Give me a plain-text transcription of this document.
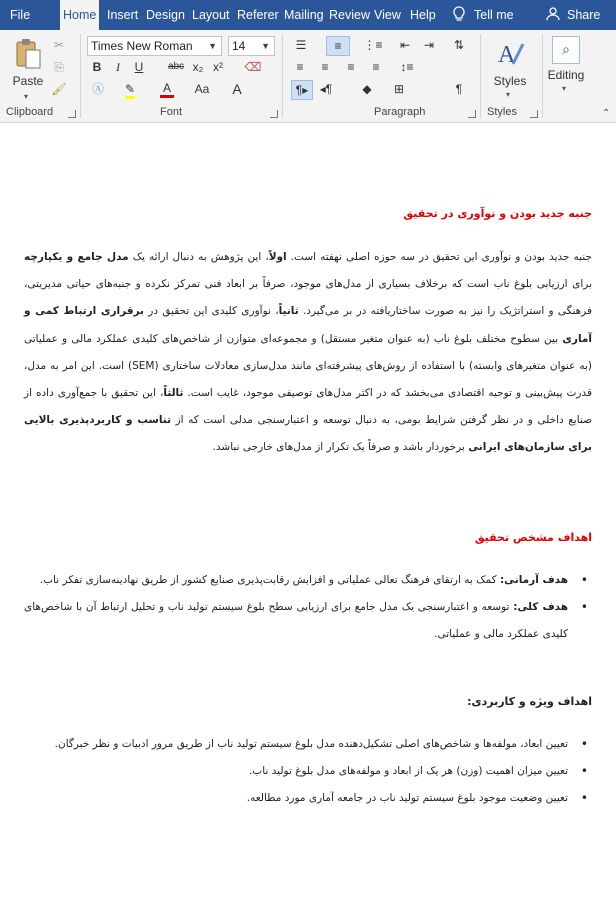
File	Home Insert Design Layout Referer Mailing Review View Help	Tell me	Share
Paste
▾
✂
⎘
🖌
Clipboard
Times New Roman ▼	14 ▼
B	I	U abc x₂ x² ⌫
Ⓐ	✎	A Aa A
Font
☰	≡	⋮≡	⇤	⇥
≡	≡	≡	≡	↕≡
¶▸ ◂¶	◆	⊞	¶
⇅
Paragraph
A
Styles
▾
Styles
⌕
Editing
▾
⌃
جنبه جدید بودن و نوآوری در تحقیق
جنبه جدید بودن و نوآوری این تحقیق در سه حوزه اصلی نهفته است. اولاً، این پژوهش به دنبال ارائه یک مدل جامع و یکپارچه برای ارزیابی بلوغ ناب است که برخلاف بسیاری از مدل‌های موجود، صرفاً بر ابعاد فنی تمرکز نکرده و جنبه‌های حیاتی مدیریتی، فرهنگی و استراتژیک را نیز به صورت ساختاریافته در بر می‌گیرد. ثانیاً، نوآوری کلیدی این تحقیق در برقراری ارتباط کمی و آماری بین سطوح مختلف بلوغ ناب (به عنوان متغیر مستقل) و مجموعه‌ای متوازن از شاخص‌های کلیدی عملکرد مالی و عملیاتی (به عنوان متغیرهای وابسته) با استفاده از روش‌های پیشرفته‌ای مانند مدل‌سازی معادلات ساختاری (SEM) است. این امر به مدل، قدرت پیش‌بینی و توجیه اقتصادی می‌بخشد که در اکثر مدل‌های توصیفی موجود، غایب است. ثالثاً، این تحقیق با جمع‌آوری داده از صنایع داخلی و در نظر گرفتن شرایط بومی، به دنبال توسعه و اعتبارسنجی مدلی است که از تناسب و کاربردپذیری بالایی برای سازمان‌های ایرانی برخوردار باشد و صرفاً یک تکرار از مدل‌های خارجی نباشد.
اهداف مشخص تحقیق
•
هدف آرمانی: کمک به ارتقای فرهنگ تعالی عملیاتی و افزایش رقابت‌پذیری صنایع کشور از طریق نهادینه‌سازی تفکر ناب.
•
هدف کلی: توسعه و اعتبارسنجی یک مدل جامع برای ارزیابی سطح بلوغ سیستم تولید ناب و تحلیل ارتباط آن با شاخص‌های کلیدی عملکرد مالی و عملیاتی.
اهداف ویژه و کاربردی:
•
تعیین ابعاد، مولفه‌ها و شاخص‌های اصلی تشکیل‌دهنده مدل بلوغ سیستم تولید ناب از طریق مرور ادبیات و نظر خبرگان.
•
تعیین میزان اهمیت (وزن) هر یک از ابعاد و مولفه‌های مدل بلوغ تولید ناب.
•
تعیین وضعیت موجود بلوغ سیستم تولید ناب در جامعه آماری مورد مطالعه.
